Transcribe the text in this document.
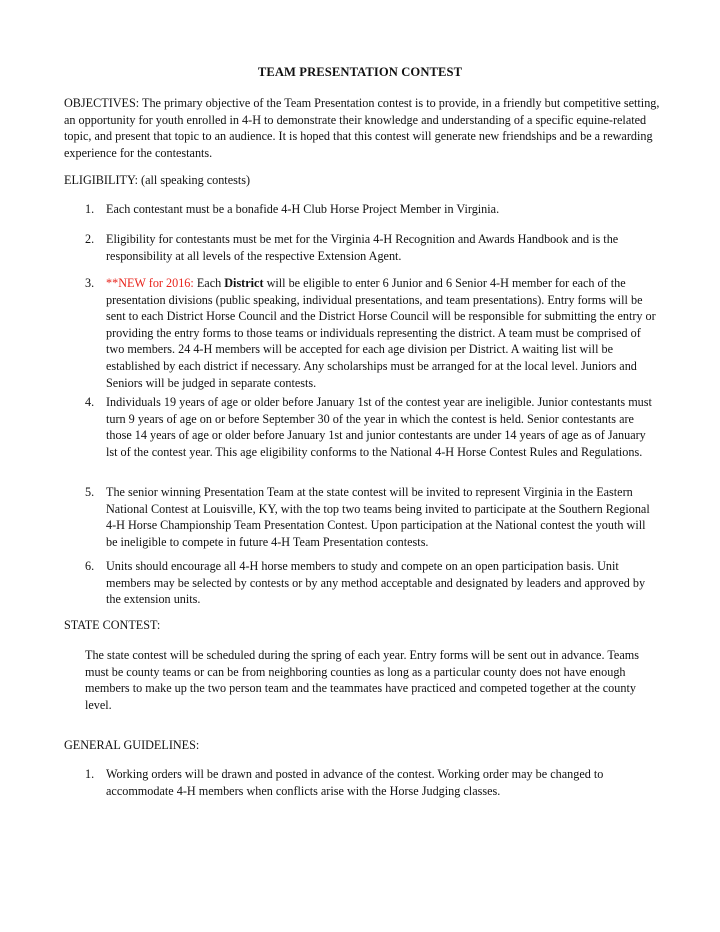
TEAM PRESENTATION CONTEST
OBJECTIVES: The primary objective of the Team Presentation contest is to provide, in a friendly but competitive setting, an opportunity for youth enrolled in 4-H to demonstrate their knowledge and understanding of a specific equine-related topic, and present that topic to an audience. It is hoped that this contest will generate new friendships and be a rewarding experience for the contestants.
ELIGIBILITY: (all speaking contests)
1. Each contestant must be a bonafide 4-H Club Horse Project Member in Virginia.
2. Eligibility for contestants must be met for the Virginia 4-H Recognition and Awards Handbook and is the responsibility at all levels of the respective Extension Agent.
3. **NEW for 2016: Each District will be eligible to enter 6 Junior and 6 Senior 4-H member for each of the presentation divisions (public speaking, individual presentations, and team presentations). Entry forms will be sent to each District Horse Council and the District Horse Council will be responsible for submitting the entry or providing the entry forms to those teams or individuals representing the district. A team must be comprised of two members. 24 4-H members will be accepted for each age division per District. A waiting list will be established by each district if necessary. Any scholarships must be arranged for at the local level. Juniors and Seniors will be judged in separate contests.
4. Individuals 19 years of age or older before January 1st of the contest year are ineligible. Junior contestants must turn 9 years of age on or before September 30 of the year in which the contest is held. Senior contestants are those 14 years of age or older before January 1st and junior contestants are under 14 years of age as of January lst of the contest year. This age eligibility conforms to the National 4-H Horse Contest Rules and Regulations.
5. The senior winning Presentation Team at the state contest will be invited to represent Virginia in the Eastern National Contest at Louisville, KY, with the top two teams being invited to participate at the Southern Regional 4-H Horse Championship Team Presentation Contest. Upon participation at the National contest the youth will be ineligible to compete in future 4-H Team Presentation contests.
6. Units should encourage all 4-H horse members to study and compete on an open participation basis. Unit members may be selected by contests or by any method acceptable and designated by leaders and approved by the extension units.
STATE CONTEST:
The state contest will be scheduled during the spring of each year. Entry forms will be sent out in advance. Teams must be county teams or can be from neighboring counties as long as a particular county does not have enough members to make up the two person team and the teammates have practiced and competed together at the county level.
GENERAL GUIDELINES:
1. Working orders will be drawn and posted in advance of the contest. Working order may be changed to accommodate 4-H members when conflicts arise with the Horse Judging classes.
